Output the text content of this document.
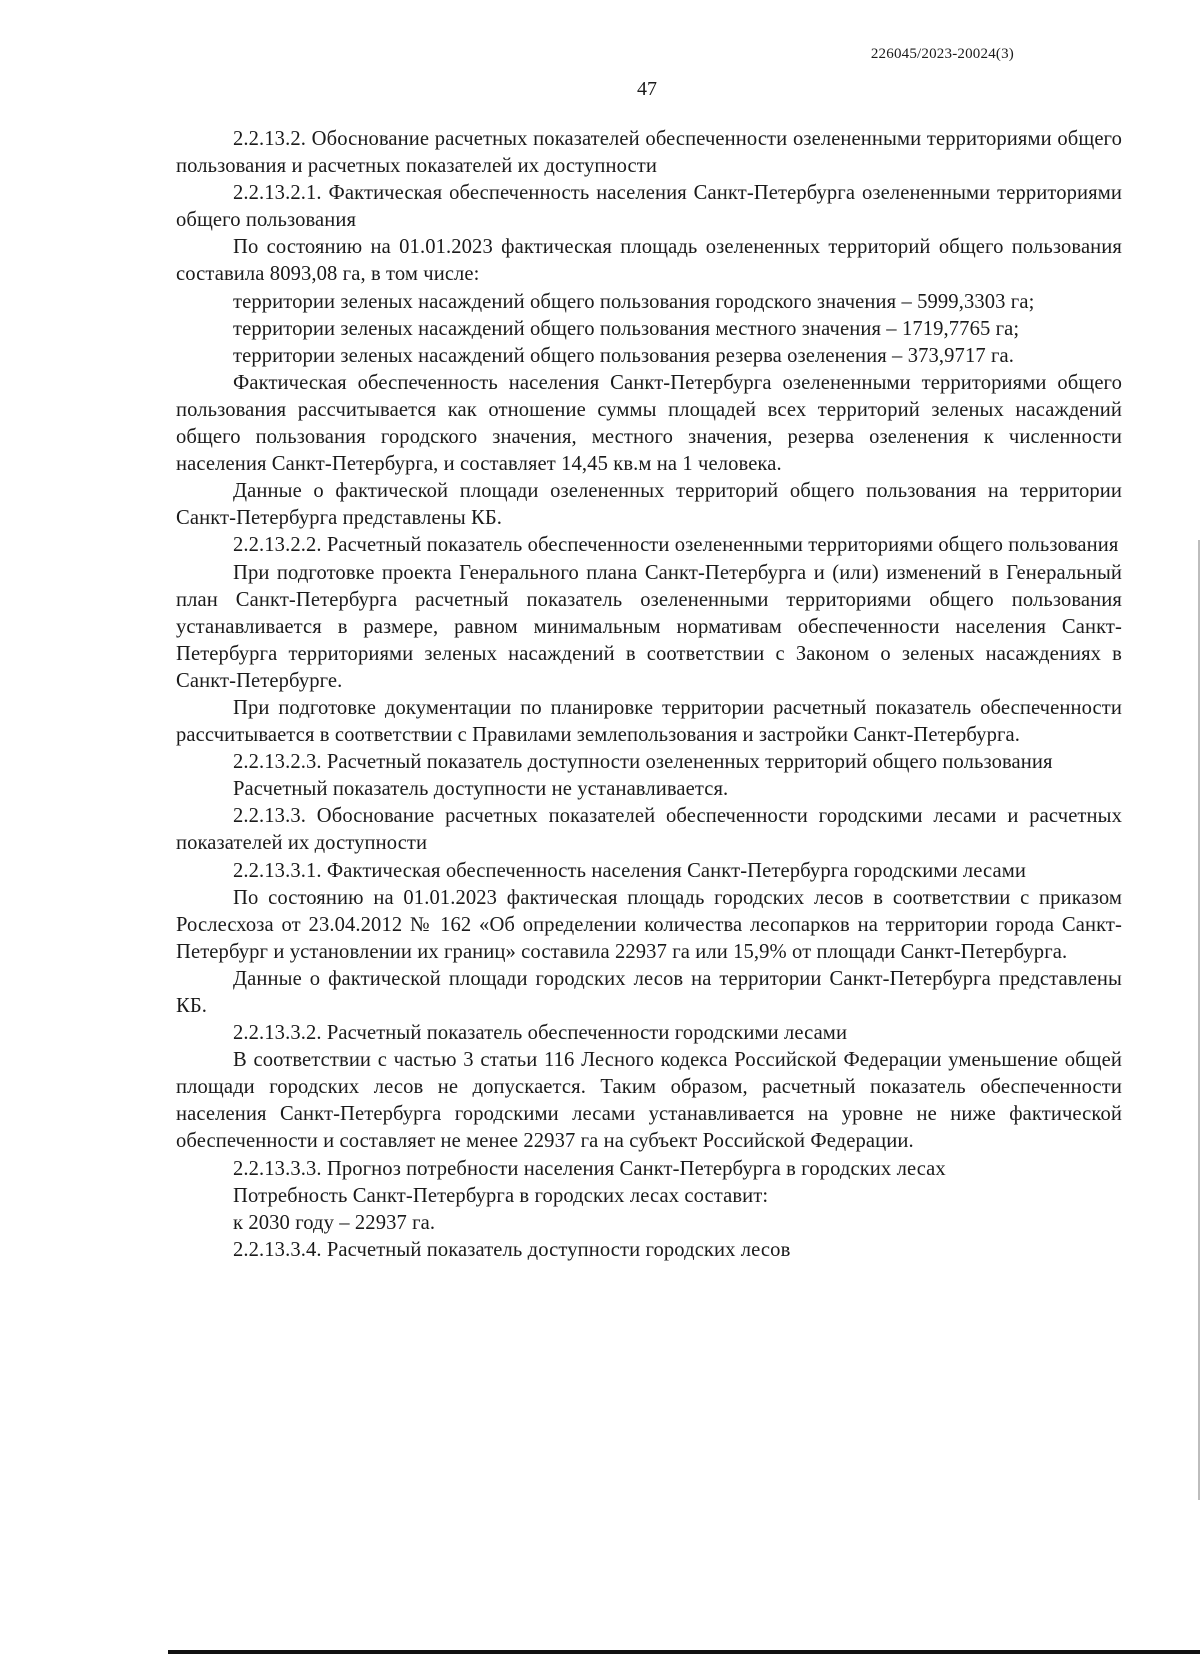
226045/2023-20024(3)
47

2.2.13.2. Обоснование расчетных показателей обеспеченности озелененными территориями общего пользования и расчетных показателей их доступности

2.2.13.2.1. Фактическая обеспеченность населения Санкт-Петербурга озелененными территориями общего пользования

По состоянию на 01.01.2023 фактическая площадь озелененных территорий общего пользования составила 8093,08 га, в том числе:

территории зеленых насаждений общего пользования городского значения – 5999,3303 га;

территории зеленых насаждений общего пользования местного значения – 1719,7765 га;

территории зеленых насаждений общего пользования резерва озеленения – 373,9717 га.

Фактическая обеспеченность населения Санкт-Петербурга озелененными территориями общего пользования рассчитывается как отношение суммы площадей всех территорий зеленых насаждений общего пользования городского значения, местного значения, резерва озеленения к численности населения Санкт-Петербурга, и составляет 14,45 кв.м на 1 человека.

Данные о фактической площади озелененных территорий общего пользования на территории Санкт-Петербурга представлены КБ.

2.2.13.2.2. Расчетный показатель обеспеченности озелененными территориями общего пользования

При подготовке проекта Генерального плана Санкт-Петербурга и (или) изменений в Генеральный план Санкт-Петербурга расчетный показатель озелененными территориями общего пользования устанавливается в размере, равном минимальным нормативам обеспеченности населения Санкт-Петербурга территориями зеленых насаждений в соответствии с Законом о зеленых насаждениях в Санкт-Петербурге.

При подготовке документации по планировке территории расчетный показатель обеспеченности рассчитывается в соответствии с Правилами землепользования и застройки Санкт-Петербурга.

2.2.13.2.3. Расчетный показатель доступности озелененных территорий общего пользования

Расчетный показатель доступности не устанавливается.

2.2.13.3. Обоснование расчетных показателей обеспеченности городскими лесами и расчетных показателей их доступности

2.2.13.3.1. Фактическая обеспеченность населения Санкт-Петербурга городскими лесами

По состоянию на 01.01.2023 фактическая площадь городских лесов в соответствии с приказом Рослесхоза от 23.04.2012 № 162 «Об определении количества лесопарков на территории города Санкт-Петербург и установлении их границ» составила 22937 га или 15,9% от площади Санкт-Петербурга.

Данные о фактической площади городских лесов на территории Санкт-Петербурга представлены КБ.

2.2.13.3.2. Расчетный показатель обеспеченности городскими лесами

В соответствии с частью 3 статьи 116 Лесного кодекса Российской Федерации уменьшение общей площади городских лесов не допускается. Таким образом, расчетный показатель обеспеченности населения Санкт-Петербурга городскими лесами устанавливается на уровне не ниже фактической обеспеченности и составляет не менее 22937 га на субъект Российской Федерации.

2.2.13.3.3. Прогноз потребности населения Санкт-Петербурга в городских лесах

Потребность Санкт-Петербурга в городских лесах составит:

к 2030 году – 22937 га.

2.2.13.3.4. Расчетный показатель доступности городских лесов
